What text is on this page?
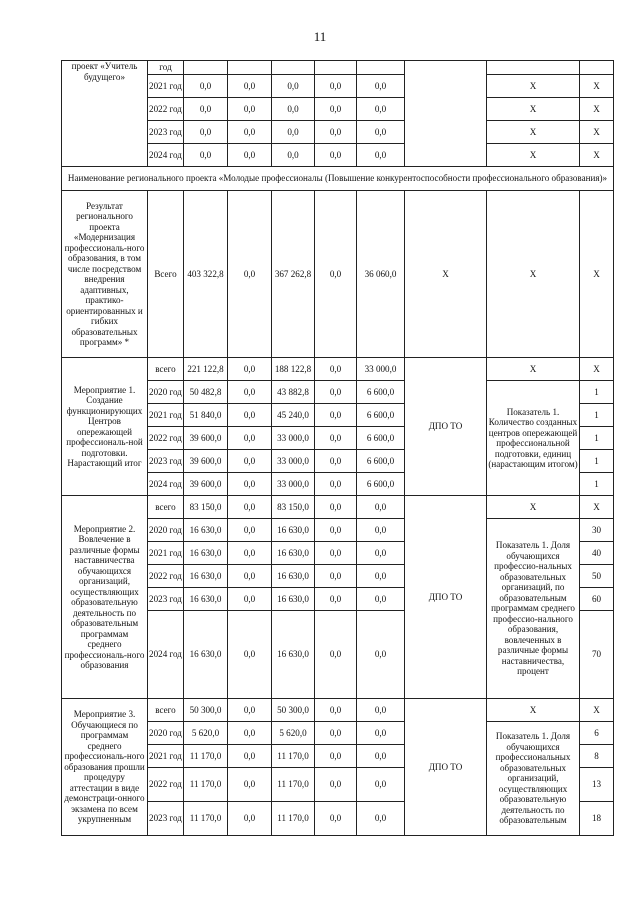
11
проект «Учитель будущего»	год								
	2021 год	0,0	0,0	0,0	0,0	0,0		Х	Х
	2022 год	0,0	0,0	0,0	0,0	0,0		Х	Х
	2023 год	0,0	0,0	0,0	0,0	0,0		Х	Х
	2024 год	0,0	0,0	0,0	0,0	0,0		Х	Х
Наименование регионального проекта «Молодые профессионалы (Повышение конкурентоспособности профессионального образования)»									
Результат регионального проекта «Модернизация профессиональ-ного образования, в том числе посредством внедрения адаптивных, практико-ориентированных и гибких образовательных программ» *	Всего	403 322,8	0,0	367 262,8	0,0	36 060,0	Х	Х	Х
Мероприятие 1. Создание функционирующих Центров опережающей профессиональ-ной подготовки. Нарастающий итог	всего	221 122,8	0,0	188 122,8	0,0	33 000,0	ДПО ТО	Х	Х
	2020 год	50 482,8	0,0	43 882,8	0,0	6 600,0		Показатель 1. Количество созданных центров опережающей профессиональной подготовки, единиц (нарастающим итогом)	1
	2021 год	51 840,0	0,0	45 240,0	0,0	6 600,0			1
	2022 год	39 600,0	0,0	33 000,0	0,0	6 600,0			1
	2023 год	39 600,0	0,0	33 000,0	0,0	6 600,0			1
	2024 год	39 600,0	0,0	33 000,0	0,0	6 600,0			1
Мероприятие 2. Вовлечение в различные формы наставничества обучающихся организаций, осуществляющих образовательную деятельность по образовательным программам среднего профессиональ-ного образования	всего	83 150,0	0,0	83 150,0	0,0	0,0	ДПО ТО	Х	Х
	2020 год	16 630,0	0,0	16 630,0	0,0	0,0		Показатель 1. Доля обучающихся профессио-нальных образовательных организаций, по образовательным программам среднего профессио-нального образования, вовлеченных в различные формы наставничества, процент	30
	2021 год	16 630,0	0,0	16 630,0	0,0	0,0			40
	2022 год	16 630,0	0,0	16 630,0	0,0	0,0			50
	2023 год	16 630,0	0,0	16 630,0	0,0	0,0			60
	2024 год	16 630,0	0,0	16 630,0	0,0	0,0			70
Мероприятие 3. Обучающиеся по программам среднего профессиональ-ного образования прошли процедуру аттестации в виде демонстраци-онного экзамена по всем укрупненным	всего	50 300,0	0,0	50 300,0	0,0	0,0	ДПО ТО	Х	Х
	2020 год	5 620,0	0,0	5 620,0	0,0	0,0		Показатель 1. Доля обучающихся профессиональных образовательных организаций, осуществляющих образовательную деятельность по образовательным	6
	2021 год	11 170,0	0,0	11 170,0	0,0	0,0			8
	2022 год	11 170,0	0,0	11 170,0	0,0	0,0			13
	2023 год	11 170,0	0,0	11 170,0	0,0	0,0			18
